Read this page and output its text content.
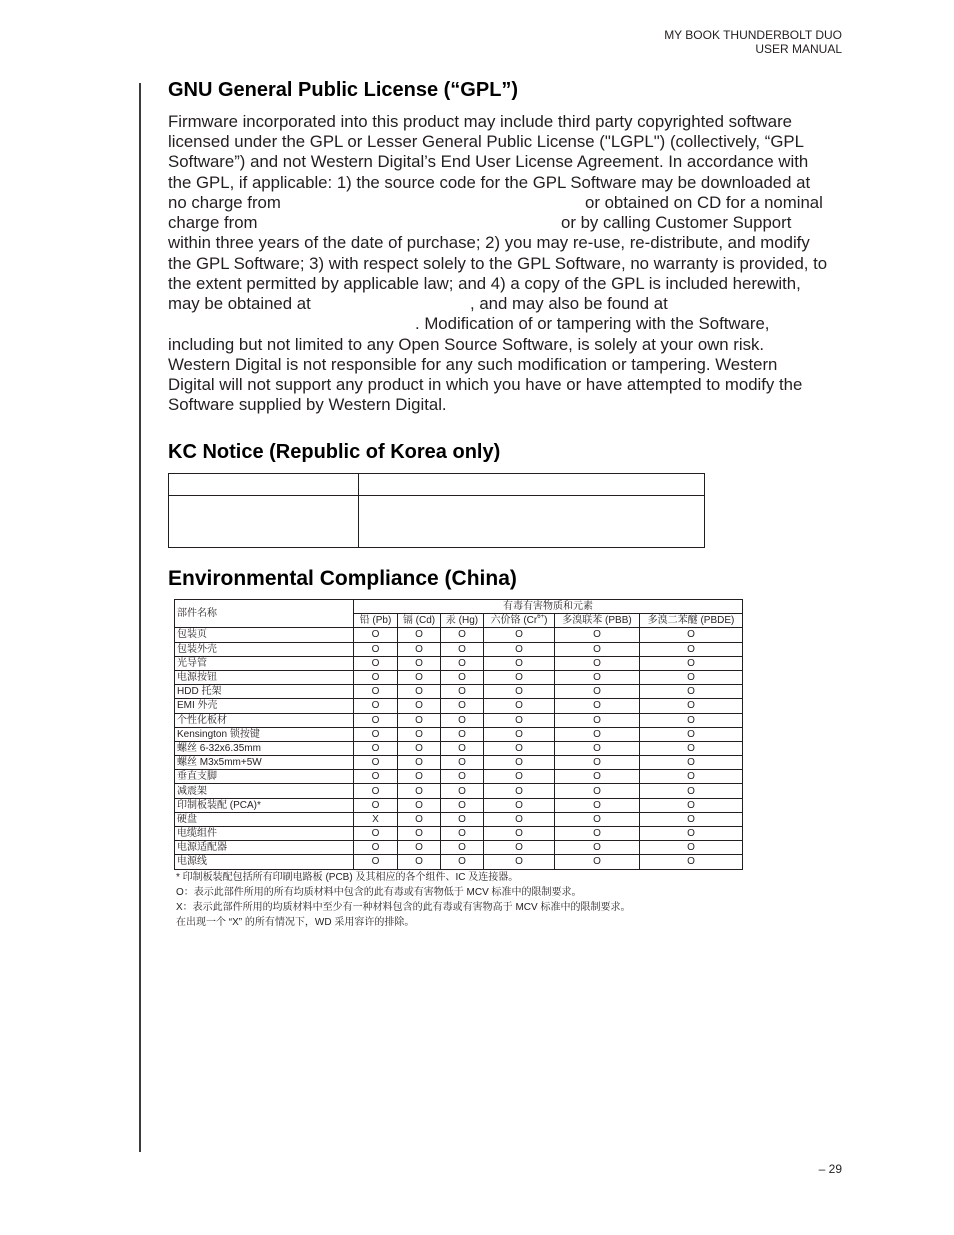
MY BOOK THUNDERBOLT DUO
USER MANUAL
GNU General Public License (“GPL”)
Firmware incorporated into this product may include third party copyrighted software
licensed under the GPL or Lesser General Public License ("LGPL") (collectively, “GPL
Software”) and not Western Digital’s End User License Agreement. In accordance with
the GPL, if applicable: 1) the source code for the GPL Software may be downloaded at
no charge from	or obtained on CD for a nominal
charge from	or by calling Customer Support
within three years of the date of purchase; 2) you may re-use, re-distribute, and modify
the GPL Software; 3) with respect solely to the GPL Software, no warranty is provided, to
the extent permitted by applicable law; and 4) a copy of the GPL is included herewith,
may be obtained at	, and may also be found at
. Modification of or tampering with the Software,
including but not limited to any Open Source Software, is solely at your own risk.
Western Digital is not responsible for any such modification or tampering. Western
Digital will not support any product in which you have or have attempted to modify the
Software supplied by Western Digital.
KC Notice (Republic of Korea only)

Environmental Compliance (China)
部件名称	有毒有害物质和元素					
	铅 (Pb)	镉 (Cd)	汞 (Hg)	六价铬 $(Cr^{6+})$	多溴联苯 (PBB)	多溴二苯醚 (PBDE)
包装页	O	O	O	O	O	O
包装外壳	O	O	O	O	O	O
光导管	O	O	O	O	O	O
电源按钮	O	O	O	O	O	O
HDD 托架	O	O	O	O	O	O
EMI 外壳	O	O	O	O	O	O
个性化板材	O	O	O	O	O	O
Kensington 锁按键	O	O	O	O	O	O
螺丝 6-32x6.35mm	O	O	O	O	O	O
螺丝 M3x5mm+5W	O	O	O	O	O	O
垂直支脚	O	O	O	O	O	O
减震架	O	O	O	O	O	O
印制板装配 (PCA)*	O	O	O	O	O	O
硬盘	X	O	O	O	O	O
电缆组件	O	O	O	O	O	O
电源适配器	O	O	O	O	O	O
电源线	O	O	O	O	O	O
* 印制板装配包括所有印刷电路板 (PCB) 及其相应的各个组件、IC 及连接器。
O：表示此部件所用的所有均质材料中包含的此有毒或有害物低于 MCV 标准中的限制要求。
X：表示此部件所用的均质材料中至少有一种材料包含的此有毒或有害物高于 MCV 标准中的限制要求。
在出现一个 “X” 的所有情况下，WD 采用容许的排除。
– 29
